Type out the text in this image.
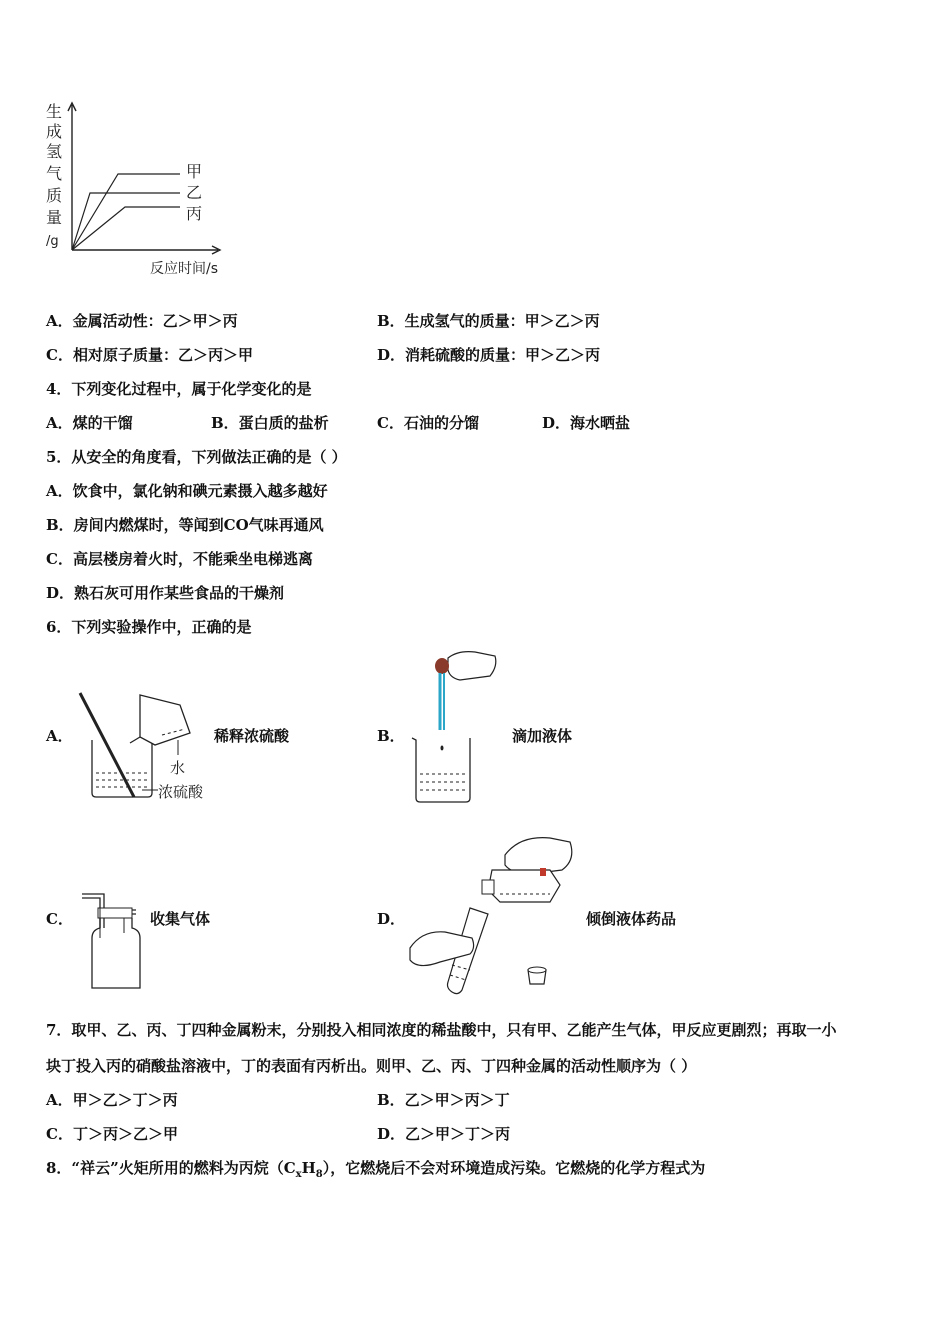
生
成
氢
气
质
量
/g
甲
乙
丙
反应时间/s
A．金属活动性：乙＞甲＞丙	B．生成氢气的质量：甲＞乙＞丙
C．相对原子质量：乙＞丙＞甲	D．消耗硫酸的质量：甲＞乙＞丙
4．下列变化过程中，属于化学变化的是
A．煤的干馏	B．蛋白质的盐析	C．石油的分馏	D．海水晒盐
5．从安全的角度看，下列做法正确的是（ ）
A．饮食中，氯化钠和碘元素摄入越多越好
B．房间内燃煤时，等闻到CO气味再通风
C．高层楼房着火时，不能乘坐电梯逃离
D．熟石灰可用作某些食品的干燥剂
6．下列实验操作中，正确的是
A．
水
浓硫酸
稀释浓硫酸	B．	滴加液体
C．	收集气体	D．	倾倒液体药品
7．取甲、乙、丙、丁四种金属粉末，分别投入相同浓度的稀盐酸中，只有甲、乙能产生气体，甲反应更剧烈；再取一小
块丁投入丙的硝酸盐溶液中，丁的表面有丙析出。则甲、乙、丙、丁四种金属的活动性顺序为（ ）
A．甲＞乙＞丁＞丙	B．乙＞甲＞丙＞丁
C．丁＞丙＞乙＞甲	D．乙＞甲＞丁＞丙
8．“祥云”火矩所用的燃料为丙烷$(C_xH_8)$，它燃烧后不会对环境造成污染。它燃烧的化学方程式为
